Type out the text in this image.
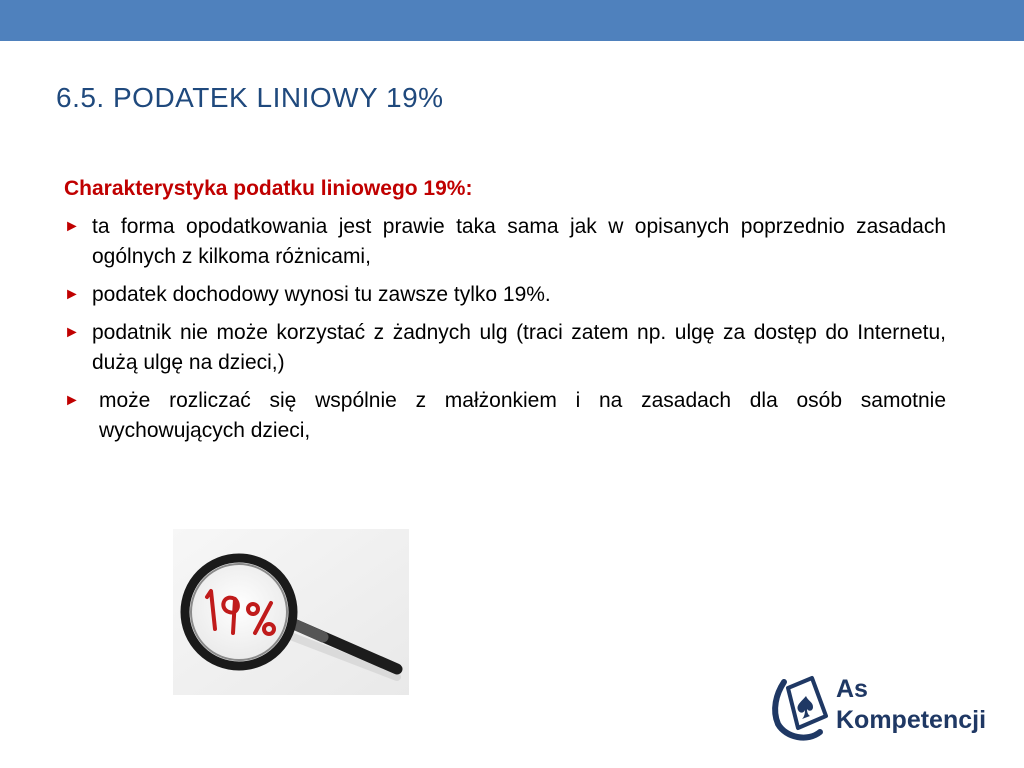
6.5. PODATEK LINIOWY 19%

Charakterystyka podatku liniowego 19%:

► ta forma opodatkowania jest prawie taka sama jak w opisanych poprzednio zasadach ogólnych z kilkoma różnicami,

► podatek dochodowy wynosi tu zawsze tylko 19%.

► podatnik nie może korzystać z żadnych ulg (traci zatem np. ulgę za dostęp do Internetu, dużą ulgę na dzieci,)

► może rozliczać się wspólnie z małżonkiem i na zasadach dla osób samotnie wychowujących dzieci,

As
Kompetencji
